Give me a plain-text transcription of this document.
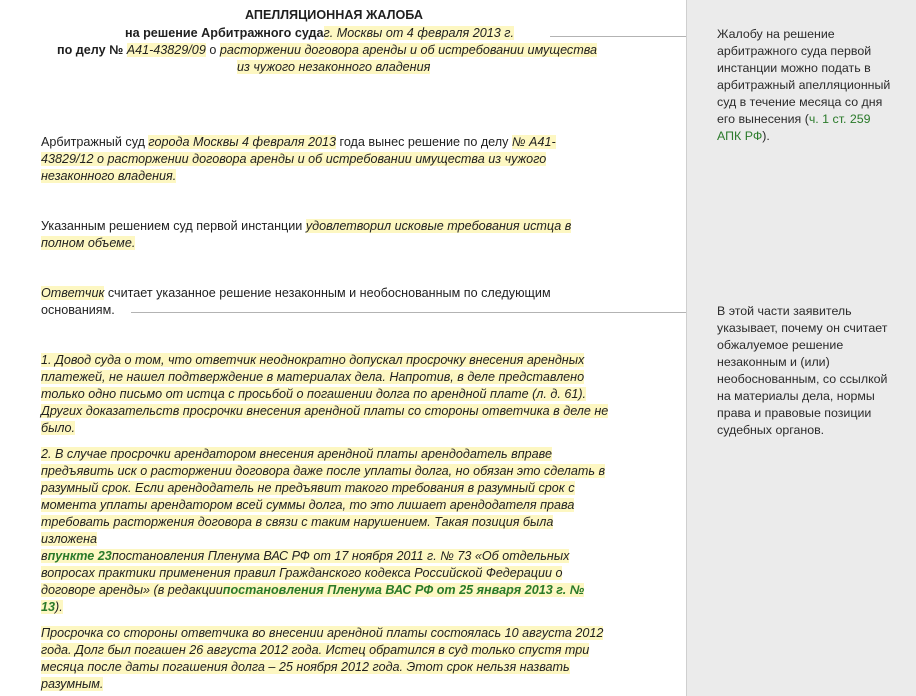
АПЕЛЛЯЦИОННАЯ ЖАЛОБА
на решение Арбитражного судаг. Москвы от 4 февраля 2013 г.
по делу № А41-43829/09 о расторжении договора аренды и об истребовании имущества
из чужого незаконного владения
Арбитражный суд города Москвы 4 февраля 2013 года вынес решение по делу № А41-
43829/12 о расторжении договора аренды и об истребовании имущества из чужого
незаконного владения.
Указанным решением суд первой инстанции удовлетворил исковые требования истца в
полном объеме.
Ответчик считает указанное решение незаконным и необоснованным по следующим
основаниям.
1. Довод суда о том, что ответчик неоднократно допускал просрочку внесения арендных
платежей, не нашел подтверждение в материалах дела. Напротив, в деле представлено
только одно письмо от истца с просьбой о погашении долга по арендной плате (л. д. 61).
Других доказательств просрочки внесения арендной платы со стороны ответчика в деле не
было.
2. В случае просрочки арендатором внесения арендной платы арендодатель вправе
предъявить иск о расторжении договора даже после уплаты долга, но обязан это сделать в
разумный срок. Если арендодатель не предъявит такого требования в разумный срок с
момента уплаты арендатором всей суммы долга, то это лишает арендодателя права
требовать расторжения договора в связи с таким нарушением. Такая позиция была
изложена
впункте 23постановления Пленума ВАС РФ от 17 ноября 2011 г. № 73 «Об отдельных
вопросах практики применения правил Гражданского кодекса Российской Федерации о
договоре аренды» (в редакциипостановления Пленума ВАС РФ от 25 января 2013 г. №
13).
Просрочка со стороны ответчика во внесении арендной платы состоялась 10 августа 2012
года. Долг был погашен 26 августа 2012 года. Истец обратился в суд только спустя три
месяца после даты погашения долга – 25 ноября 2012 года. Этот срок нельзя назвать
разумным.
Жалобу на решение
арбитражного суда первой
инстанции можно подать в
арбитражный апелляционный
суд в течение месяца со дня
его вынесения (ч. 1 ст. 259
АПК РФ).
В этой части заявитель
указывает, почему он считает
обжалуемое решение
незаконным и (или)
необоснованным, со ссылкой
на материалы дела, нормы
права и правовые позиции
судебных органов.
